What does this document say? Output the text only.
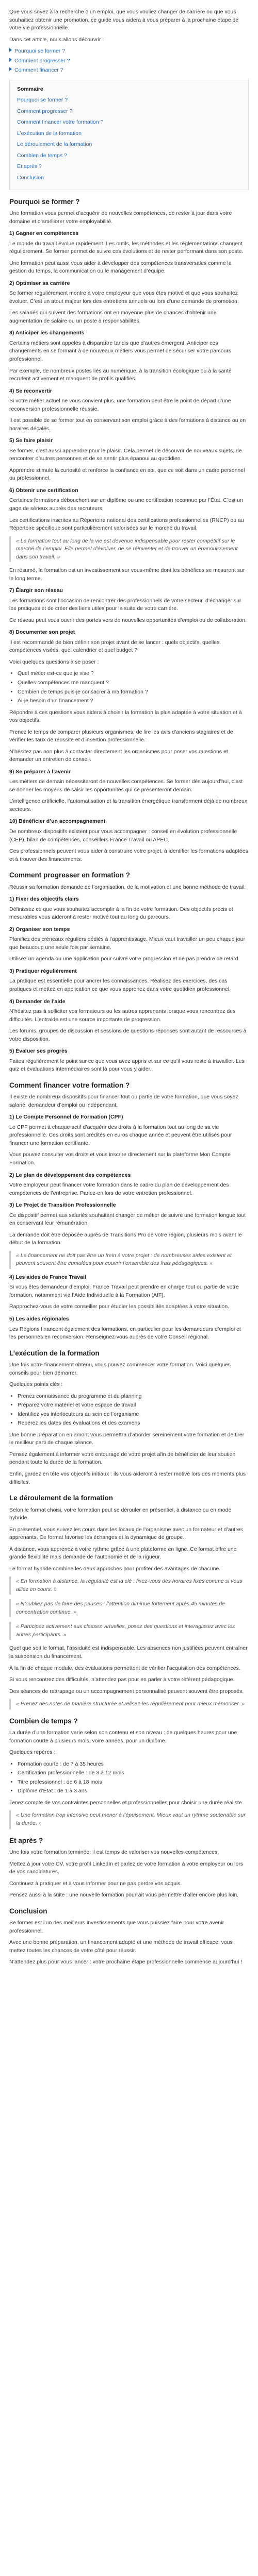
Que vous soyez à la recherche d’un emploi, que vous vouliez changer de carrière ou que vous souhaitiez obtenir une promotion, ce guide vous aidera à vous préparer à la prochaine étape de votre vie professionnelle.

Dans cet article, nous allons découvrir :

Pourquoi se former ?
Comment progresser ?
Comment financer ?
Sommaire
Pourquoi se former ?
Comment progresser ?
Comment financer votre formation ?
L’exécution de la formation
Le déroulement de la formation
Combien de temps ?
Et après ?
Conclusion
Pourquoi se former ?

Une formation vous permet d’acquérir de nouvelles compétences, de rester à jour dans votre domaine et d’améliorer votre employabilité.

1) Gagner en compétences

Le monde du travail évolue rapidement. Les outils, les méthodes et les réglementations changent régulièrement. Se former permet de suivre ces évolutions et de rester performant dans son poste.

Une formation peut aussi vous aider à développer des compétences transversales comme la gestion du temps, la communication ou le management d’équipe.

2) Optimiser sa carrière

Se former régulièrement montre à votre employeur que vous êtes motivé et que vous souhaitez évoluer. C’est un atout majeur lors des entretiens annuels ou lors d’une demande de promotion.

Les salariés qui suivent des formations ont en moyenne plus de chances d’obtenir une augmentation de salaire ou un poste à responsabilités.

3) Anticiper les changements

Certains métiers sont appelés à disparaître tandis que d’autres émergent. Anticiper ces changements en se formant à de nouveaux métiers vous permet de sécuriser votre parcours professionnel.

Par exemple, de nombreux postes liés au numérique, à la transition écologique ou à la santé recrutent activement et manquent de profils qualifiés.

4) Se reconvertir

Si votre métier actuel ne vous convient plus, une formation peut être le point de départ d’une reconversion professionnelle réussie.

Il est possible de se former tout en conservant son emploi grâce à des formations à distance ou en horaires décalés.

5) Se faire plaisir

Se former, c’est aussi apprendre pour le plaisir. Cela permet de découvrir de nouveaux sujets, de rencontrer d’autres personnes et de se sentir plus épanoui au quotidien.

Apprendre stimule la curiosité et renforce la confiance en soi, que ce soit dans un cadre personnel ou professionnel.

6) Obtenir une certification

Certaines formations débouchent sur un diplôme ou une certification reconnue par l’État. C’est un gage de sérieux auprès des recruteurs.

Les certifications inscrites au Répertoire national des certifications professionnelles (RNCP) ou au Répertoire spécifique sont particulièrement valorisées sur le marché du travail.

« La formation tout au long de la vie est devenue indispensable pour rester compétitif sur le marché de l’emploi. Elle permet d’évoluer, de se réinventer et de trouver un épanouissement dans son travail. »

En résumé, la formation est un investissement sur vous-même dont les bénéfices se mesurent sur le long terme.

7) Élargir son réseau

Les formations sont l’occasion de rencontrer des professionnels de votre secteur, d’échanger sur les pratiques et de créer des liens utiles pour la suite de votre carrière.

Ce réseau peut vous ouvrir des portes vers de nouvelles opportunités d’emploi ou de collaboration.

8) Documenter son projet

Il est recommandé de bien définir son projet avant de se lancer : quels objectifs, quelles compétences visées, quel calendrier et quel budget ?

Voici quelques questions à se poser :

• Quel métier est-ce que je vise ?
• Quelles compétences me manquent ?
• Combien de temps puis-je consacrer à ma formation ?
• Ai-je besoin d’un financement ?

Répondre à ces questions vous aidera à choisir la formation la plus adaptée à votre situation et à vos objectifs.

Prenez le temps de comparer plusieurs organismes, de lire les avis d’anciens stagiaires et de vérifier les taux de réussite et d’insertion professionnelle.

N’hésitez pas non plus à contacter directement les organismes pour poser vos questions et demander un entretien de conseil.

9) Se préparer à l’avenir

Les métiers de demain nécessiteront de nouvelles compétences. Se former dès aujourd’hui, c’est se donner les moyens de saisir les opportunités qui se présenteront demain.

L’intelligence artificielle, l’automatisation et la transition énergétique transforment déjà de nombreux secteurs.

10) Bénéficier d’un accompagnement

De nombreux dispositifs existent pour vous accompagner : conseil en évolution professionnelle (CEP), bilan de compétences, conseillers France Travail ou APEC.

Ces professionnels peuvent vous aider à construire votre projet, à identifier les formations adaptées et à trouver des financements.

Comment progresser en formation ?

Réussir sa formation demande de l’organisation, de la motivation et une bonne méthode de travail.

1) Fixer des objectifs clairs

Définissez ce que vous souhaitez accomplir à la fin de votre formation. Des objectifs précis et mesurables vous aideront à rester motivé tout au long du parcours.

2) Organiser son temps

Planifiez des créneaux réguliers dédiés à l’apprentissage. Mieux vaut travailler un peu chaque jour que beaucoup une seule fois par semaine.

Utilisez un agenda ou une application pour suivre votre progression et ne pas prendre de retard.

3) Pratiquer régulièrement

La pratique est essentielle pour ancrer les connaissances. Réalisez des exercices, des cas pratiques et mettez en application ce que vous apprenez dans votre quotidien professionnel.

4) Demander de l’aide

N’hésitez pas à solliciter vos formateurs ou les autres apprenants lorsque vous rencontrez des difficultés. L’entraide est une source importante de progression.

Les forums, groupes de discussion et sessions de questions-réponses sont autant de ressources à votre disposition.

5) Évaluer ses progrès

Faites régulièrement le point sur ce que vous avez appris et sur ce qu’il vous reste à travailler. Les quiz et évaluations intermédiaires sont là pour vous y aider.

Comment financer votre formation ?

Il existe de nombreux dispositifs pour financer tout ou partie de votre formation, que vous soyez salarié, demandeur d’emploi ou indépendant.

1) Le Compte Personnel de Formation (CPF)

Le CPF permet à chaque actif d’acquérir des droits à la formation tout au long de sa vie professionnelle. Ces droits sont crédités en euros chaque année et peuvent être utilisés pour financer une formation certifiante.

Vous pouvez consulter vos droits et vous inscrire directement sur la plateforme Mon Compte Formation.

2) Le plan de développement des compétences

Votre employeur peut financer votre formation dans le cadre du plan de développement des compétences de l’entreprise. Parlez-en lors de votre entretien professionnel.

3) Le Projet de Transition Professionnelle

Ce dispositif permet aux salariés souhaitant changer de métier de suivre une formation longue tout en conservant leur rémunération.

La demande doit être déposée auprès de Transitions Pro de votre région, plusieurs mois avant le début de la formation.

« Le financement ne doit pas être un frein à votre projet : de nombreuses aides existent et peuvent souvent être cumulées pour couvrir l’ensemble des frais pédagogiques. »
4) Les aides de France Travail

Si vous êtes demandeur d’emploi, France Travail peut prendre en charge tout ou partie de votre formation, notamment via l’Aide Individuelle à la Formation (AIF).

Rapprochez-vous de votre conseiller pour étudier les possibilités adaptées à votre situation.

5) Les aides régionales

Les Régions financent également des formations, en particulier pour les demandeurs d’emploi et les personnes en reconversion. Renseignez-vous auprès de votre Conseil régional.

L’exécution de la formation

Une fois votre financement obtenu, vous pouvez commencer votre formation. Voici quelques conseils pour bien démarrer.

Quelques points clés :

• Prenez connaissance du programme et du planning
• Préparez votre matériel et votre espace de travail
• Identifiez vos interlocuteurs au sein de l’organisme
• Repérez les dates des évaluations et des examens

Une bonne préparation en amont vous permettra d’aborder sereinement votre formation et de tirer le meilleur parti de chaque séance.

Pensez également à informer votre entourage de votre projet afin de bénéficier de leur soutien pendant toute la durée de la formation.

Enfin, gardez en tête vos objectifs initiaux : ils vous aideront à rester motivé lors des moments plus difficiles.

Le déroulement de la formation

Selon le format choisi, votre formation peut se dérouler en présentiel, à distance ou en mode hybride.

En présentiel, vous suivez les cours dans les locaux de l’organisme avec un formateur et d’autres apprenants. Ce format favorise les échanges et la dynamique de groupe.

À distance, vous apprenez à votre rythme grâce à une plateforme en ligne. Ce format offre une grande flexibilité mais demande de l’autonomie et de la rigueur.

Le format hybride combine les deux approches pour profiter des avantages de chacune.

« En formation à distance, la régularité est la clé : fixez-vous des horaires fixes comme si vous alliez en cours. »
« N’oubliez pas de faire des pauses : l’attention diminue fortement après 45 minutes de concentration continue. »
« Participez activement aux classes virtuelles, posez des questions et interagissez avec les autres participants. »

Quel que soit le format, l’assiduité est indispensable. Les absences non justifiées peuvent entraîner la suspension du financement.

À la fin de chaque module, des évaluations permettent de vérifier l’acquisition des compétences.

Si vous rencontrez des difficultés, n’attendez pas pour en parler à votre référent pédagogique.

Des séances de rattrapage ou un accompagnement personnalisé peuvent souvent être proposés.

« Prenez des notes de manière structurée et relisez-les régulièrement pour mieux mémoriser. »
Combien de temps ?

La durée d’une formation varie selon son contenu et son niveau : de quelques heures pour une formation courte à plusieurs mois, voire années, pour un diplôme.

Quelques repères :

• Formation courte : de 7 à 35 heures
• Certification professionnelle : de 3 à 12 mois
• Titre professionnel : de 6 à 18 mois
• Diplôme d’État : de 1 à 3 ans

Tenez compte de vos contraintes personnelles et professionnelles pour choisir une durée réaliste.

« Une formation trop intensive peut mener à l’épuisement. Mieux vaut un rythme soutenable sur la durée. »
Et après ?

Une fois votre formation terminée, il est temps de valoriser vos nouvelles compétences.

Mettez à jour votre CV, votre profil LinkedIn et parlez de votre formation à votre employeur ou lors de vos candidatures.

Continuez à pratiquer et à vous informer pour ne pas perdre vos acquis.

Pensez aussi à la suite : une nouvelle formation pourrait vous permettre d’aller encore plus loin.

Conclusion

Se former est l’un des meilleurs investissements que vous puissiez faire pour votre avenir professionnel.

Avec une bonne préparation, un financement adapté et une méthode de travail efficace, vous mettez toutes les chances de votre côté pour réussir.

N’attendez plus pour vous lancer : votre prochaine étape professionnelle commence aujourd’hui !
